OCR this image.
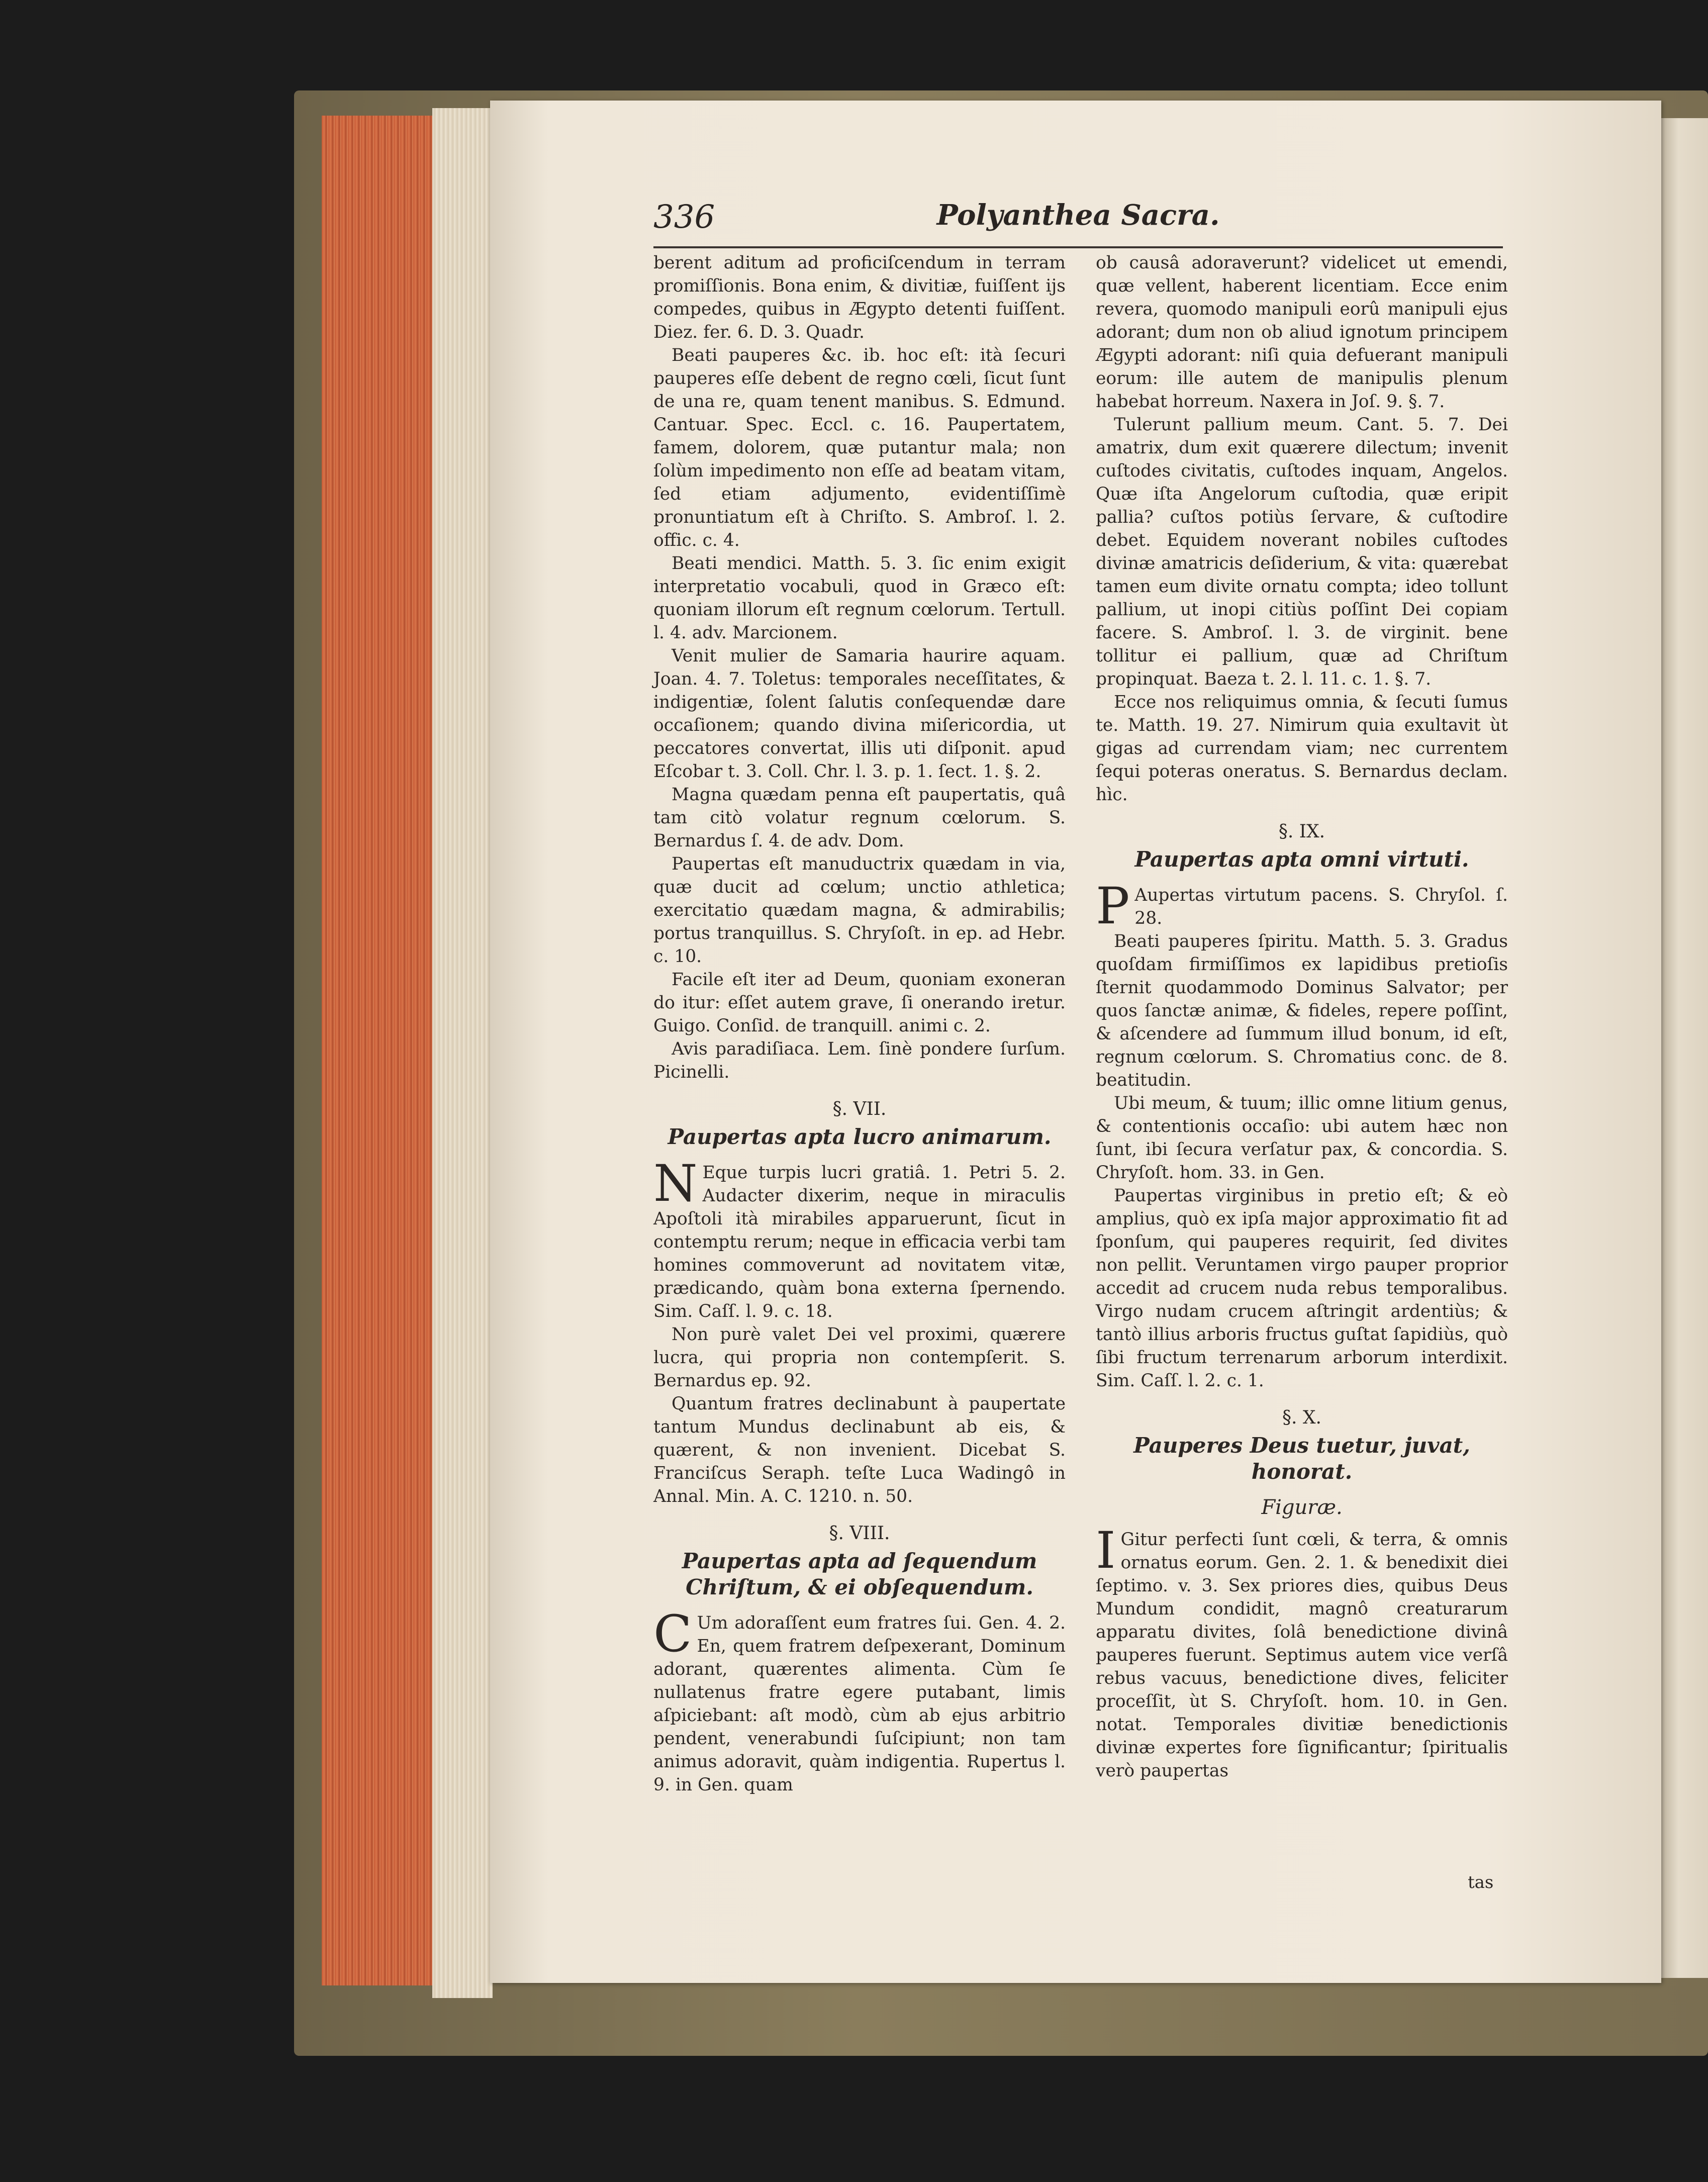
336	Polyanthea Sacra.

berent aditum ad proficiſcendum in terram promiſſionis. Bona enim, & divitiæ, fuiſſent ijs compedes, quibus in Ægypto detenti fuiſſent. Diez. fer. 6. D. 3. Quadr.

Beati pauperes &c. ib. hoc eſt: ità ſecuri pauperes eſſe debent de regno cœli, ſicut ſunt de una re, quam tenent manibus. S. Edmund. Cantuar. Spec. Eccl. c. 16. Paupertatem, famem, dolorem, quæ putantur mala; non ſolùm impedimento non eſſe ad beatam vitam, ſed etiam adjumento, evidentiſſimè pronuntiatum eſt à Chriſto. S. Ambroſ. l. 2. offic. c. 4.

Beati mendici. Matth. 5. 3. ſic enim exigit interpretatio vocabuli, quod in Græco eſt: quoniam illorum eſt regnum cœlorum. Tertull. l. 4. adv. Marcionem.

Venit mulier de Samaria haurire aquam. Joan. 4. 7. Toletus: temporales neceſſitates, & indigentiæ, ſolent ſalutis conſequendæ dare occaſionem; quando divina miſericordia, ut peccatores convertat, illis uti diſponit. apud Eſcobar t. 3. Coll. Chr. l. 3. p. 1. ſect. 1. §. 2.

Magna quædam penna eſt paupertatis, quâ tam citò volatur regnum cœlorum. S. Bernardus ſ. 4. de adv. Dom.

Paupertas eſt manuductrix quædam in via, quæ ducit ad cœlum; unctio athletica; exercitatio quædam magna, & admirabilis; portus tranquillus. S. Chryſoſt. in ep. ad Hebr. c. 10.

Facile eſt iter ad Deum, quoniam exoneran do itur: eſſet autem grave, ſi onerando iretur. Guigo. Conſid. de tranquill. animi c. 2.

Avis paradiſiaca. Lem. ſinè pondere ſurſum. Picinelli.

§. VII.
Paupertas apta lucro animarum.
N Eque turpis lucri gratiâ. 1. Petri 5. 2. Audacter dixerim, neque in miraculis Apoſtoli ità mirabiles apparuerunt, ſicut in contemptu rerum; neque in efficacia verbi tam homines commoverunt ad novitatem vitæ, prædicando, quàm bona externa ſpernendo. Sim. Caſſ. l. 9. c. 18.

Non purè valet Dei vel proximi, quærere lucra, qui propria non contempſerit. S. Bernardus ep. 92.

Quantum fratres declinabunt à paupertate tantum Mundus declinabunt ab eis, & quærent, & non invenient. Dicebat S. Franciſcus Seraph. teſte Luca Wadingô in Annal. Min. A. C. 1210. n. 50.

§. VIII.
Paupertas apta ad ſequendum Chriſtum, & ei obſequendum.
C Um adoraſſent eum fratres ſui. Gen. 4. 2. En, quem fratrem deſpexerant, Dominum adorant, quærentes alimenta. Cùm ſe nullatenus fratre egere putabant, limis aſpiciebant: aſt modò, cùm ab ejus arbitrio pendent, venerabundi ſuſcipiunt; non tam animus adoravit, quàm indigentia. Rupertus l. 9. in Gen. quam

ob causâ adoraverunt? videlicet ut emendi, quæ vellent, haberent licentiam. Ecce enim revera, quomodo manipuli eorû manipuli ejus adorant; dum non ob aliud ignotum principem Ægypti adorant: niſi quia defuerant manipuli eorum: ille autem de manipulis plenum habebat horreum. Naxera in Joſ. 9. §. 7.

Tulerunt pallium meum. Cant. 5. 7. Dei amatrix, dum exit quærere dilectum; invenit cuſtodes civitatis, cuſtodes inquam, Angelos. Quæ iſta Angelorum cuſtodia, quæ eripit pallia? cuſtos potiùs ſervare, & cuſtodire debet. Equidem noverant nobiles cuſtodes divinæ amatricis deſiderium, & vita: quærebat tamen eum divite ornatu compta; ideo tollunt pallium, ut inopi citiùs poſſint Dei copiam facere. S. Ambroſ. l. 3. de virginit. bene tollitur ei pallium, quæ ad Chriſtum propinquat. Baeza t. 2. l. 11. c. 1. §. 7.

Ecce nos reliquimus omnia, & ſecuti ſumus te. Matth. 19. 27. Nimirum quia exultavit ùt gigas ad currendam viam; nec currentem ſequi poteras oneratus. S. Bernardus declam. hìc.

§. IX.
Paupertas apta omni virtuti.
P Aupertas virtutum pacens. S. Chryſol. ſ. 28.

Beati pauperes ſpiritu. Matth. 5. 3. Gradus quoſdam firmiſſimos ex lapidibus pretioſis ſternit quodammodo Dominus Salvator; per quos ſanctæ animæ, & fideles, repere poſſint, & aſcendere ad ſummum illud bonum, id eſt, regnum cœlorum. S. Chromatius conc. de 8. beatitudin.

Ubi meum, & tuum; illic omne litium genus, & contentionis occaſio: ubi autem hæc non ſunt, ibi ſecura verſatur pax, & concordia. S. Chryſoſt. hom. 33. in Gen.

Paupertas virginibus in pretio eſt; & eò amplius, quò ex ipſa major approximatio fit ad ſponſum, qui pauperes requirit, ſed divites non pellit. Veruntamen virgo pauper proprior accedit ad crucem nuda rebus temporalibus. Virgo nudam crucem aſtringit ardentiùs; & tantò illius arboris fructus guſtat ſapidiùs, quò ſibi fructum terrenarum arborum interdixit. Sim. Caſſ. l. 2. c. 1.

§. X.
Pauperes Deus tuetur, juvat, honorat.
Figuræ.
I Gitur perfecti ſunt cœli, & terra, & omnis ornatus eorum. Gen. 2. 1. & benedixit diei ſeptimo. v. 3. Sex priores dies, quibus Deus Mundum condidit, magnô creaturarum apparatu divites, ſolâ benedictione divinâ pauperes fuerunt. Septimus autem vice verſâ rebus vacuus, benedictione dives, feliciter proceſſit, ùt S. Chryſoſt. hom. 10. in Gen. notat. Temporales divitiæ benedictionis divinæ expertes fore ſignificantur; ſpiritualis verò paupertas

tas
